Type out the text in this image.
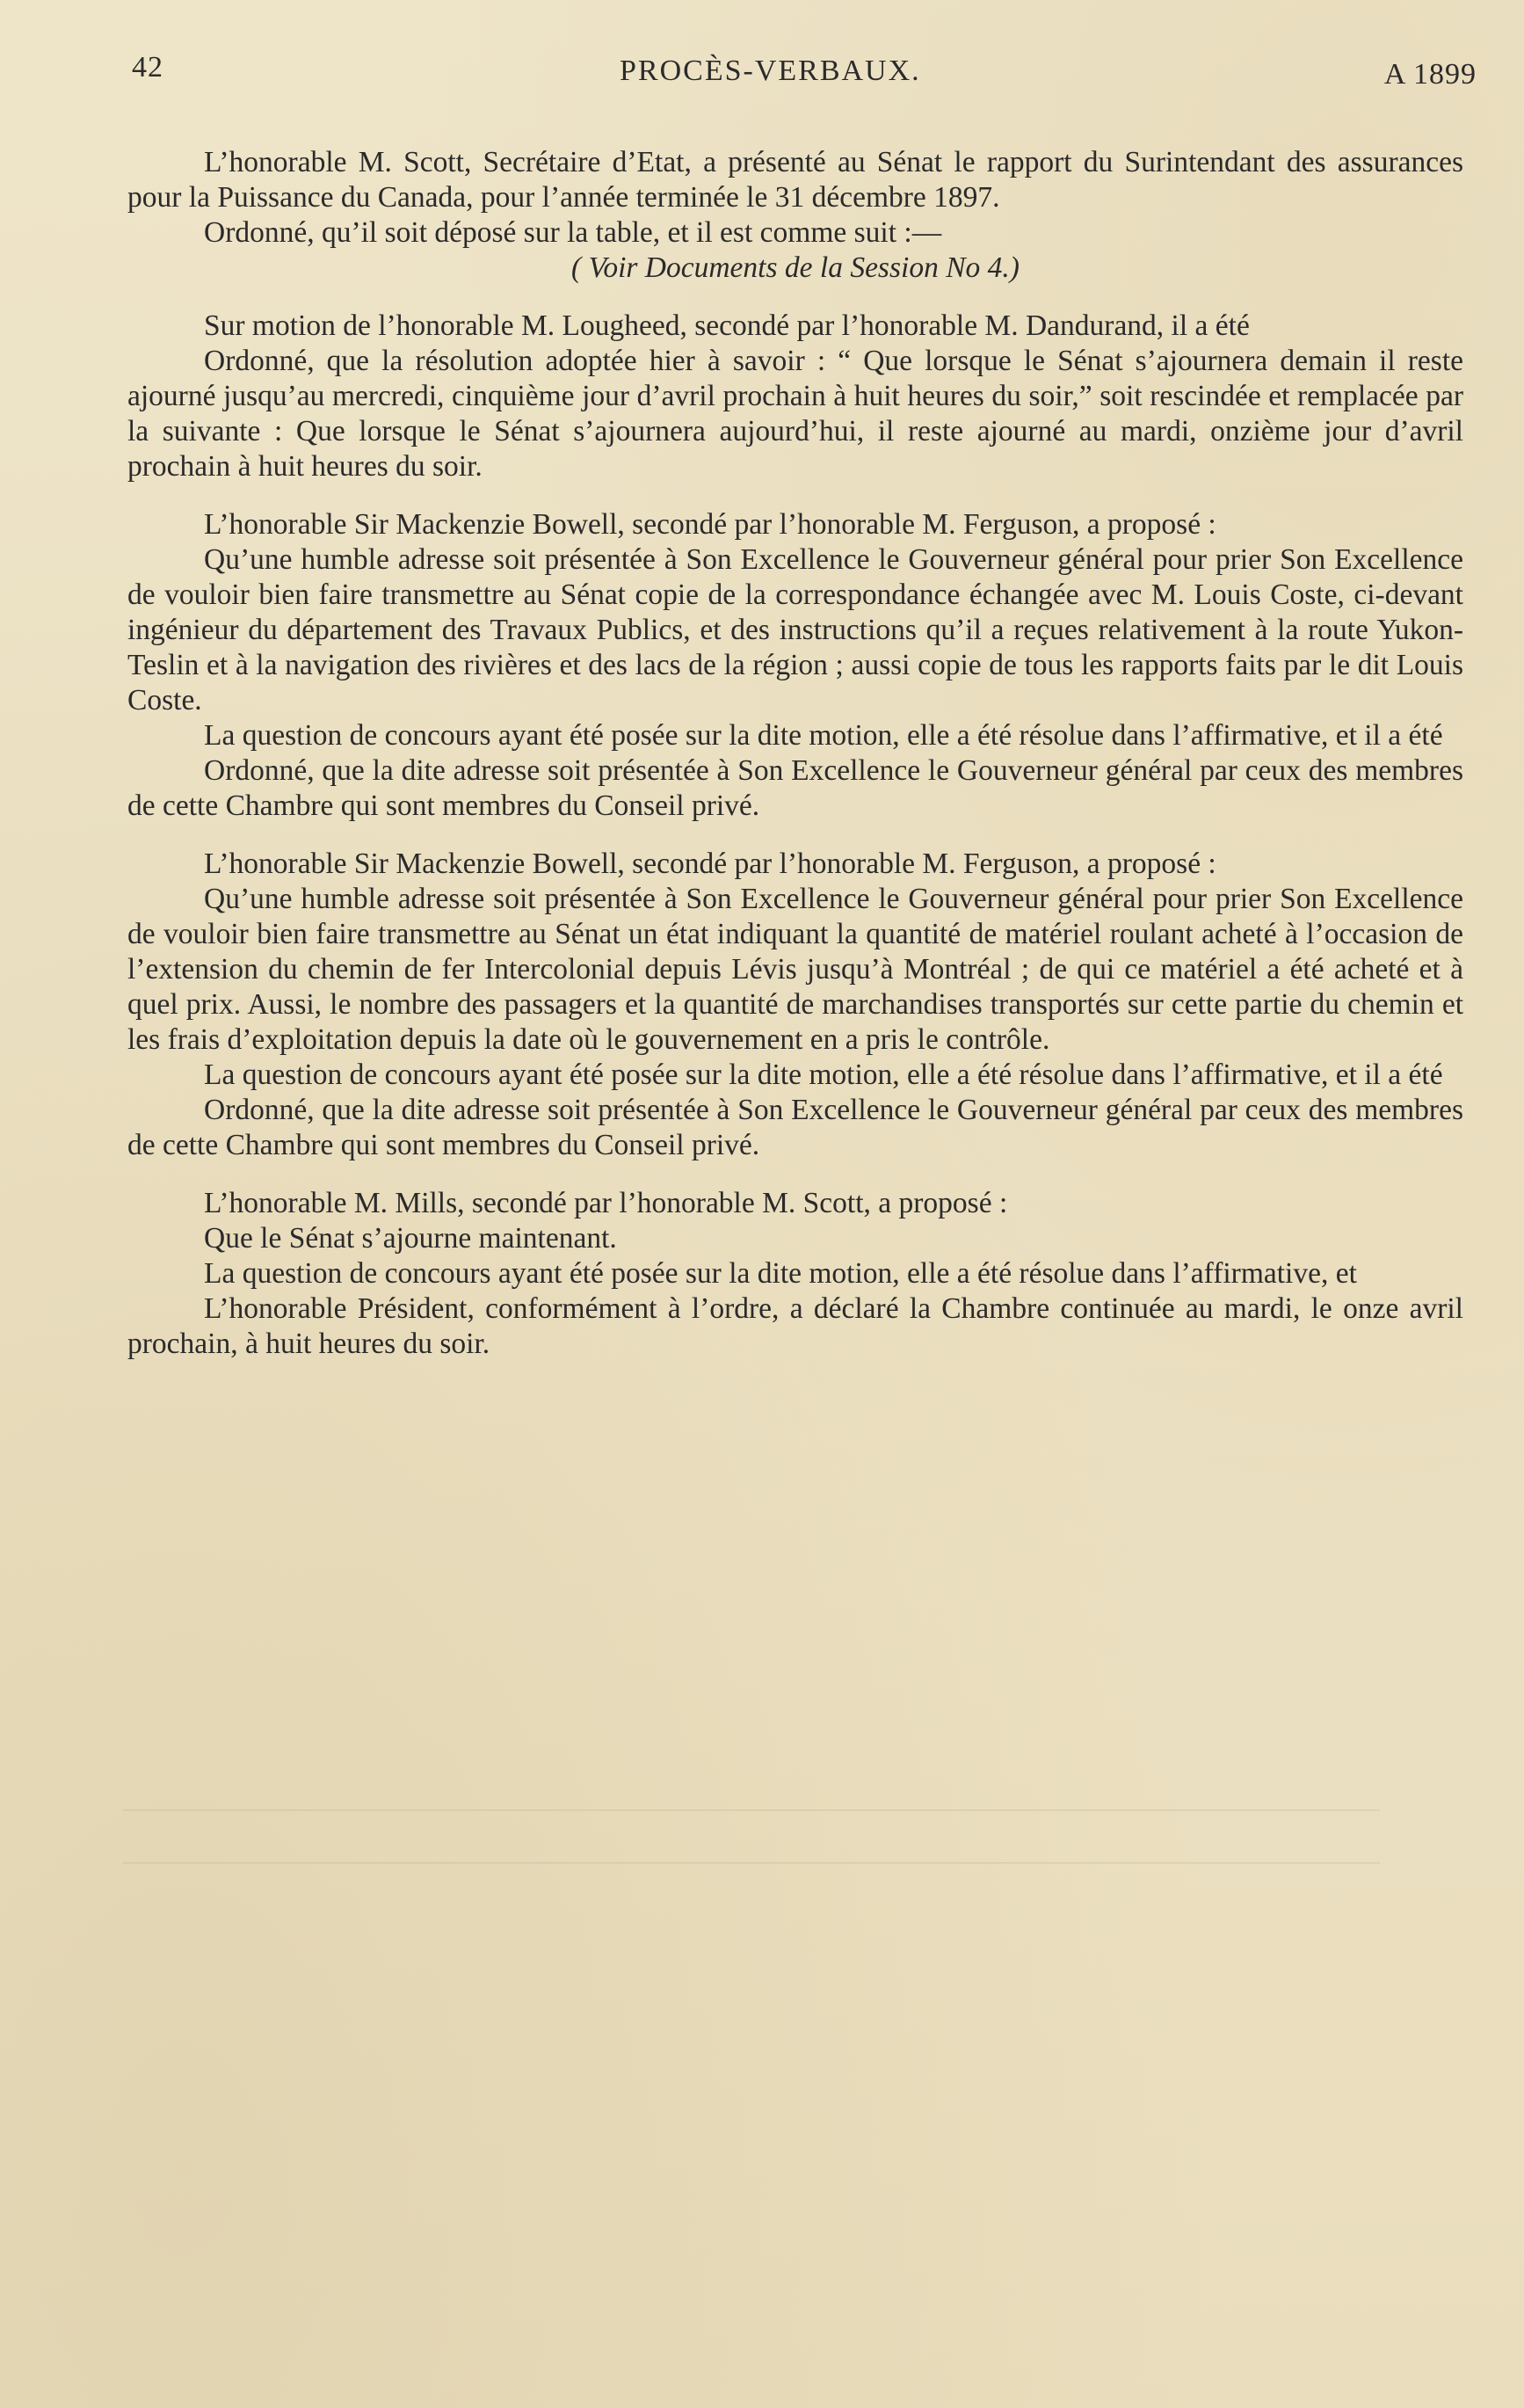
42	PROCÈS-VERBAUX.	A 1899

L’honorable M. Scott, Secrétaire d’Etat, a présenté au Sénat le rapport du Surintendant des assurances pour la Puissance du Canada, pour l’année terminée le 31 décembre 1897.

Ordonné, qu’il soit déposé sur la table, et il est comme suit :—

( Voir Documents de la Session No 4.)

Sur motion de l’honorable M. Lougheed, secondé par l’honorable M. Dandurand, il a été

Ordonné, que la résolution adoptée hier à savoir : “ Que lorsque le Sénat s’ajournera demain il reste ajourné jusqu’au mercredi, cinquième jour d’avril prochain à huit heures du soir,” soit rescindée et remplacée par la suivante : Que lorsque le Sénat s’ajournera aujourd’hui, il reste ajourné au mardi, onzième jour d’avril prochain à huit heures du soir.

L’honorable Sir Mackenzie Bowell, secondé par l’honorable M. Ferguson, a proposé :

Qu’une humble adresse soit présentée à Son Excellence le Gouverneur général pour prier Son Excellence de vouloir bien faire transmettre au Sénat copie de la correspondance échangée avec M. Louis Coste, ci-devant ingénieur du département des Travaux Publics, et des instructions qu’il a reçues relativement à la route Yukon-Teslin et à la navigation des rivières et des lacs de la région ; aussi copie de tous les rapports faits par le dit Louis Coste.

La question de concours ayant été posée sur la dite motion, elle a été résolue dans l’affirmative, et il a été

Ordonné, que la dite adresse soit présentée à Son Excellence le Gouverneur général par ceux des membres de cette Chambre qui sont membres du Conseil privé.

L’honorable Sir Mackenzie Bowell, secondé par l’honorable M. Ferguson, a proposé :

Qu’une humble adresse soit présentée à Son Excellence le Gouverneur général pour prier Son Excellence de vouloir bien faire transmettre au Sénat un état indiquant la quantité de matériel roulant acheté à l’occasion de l’extension du chemin de fer Intercolonial depuis Lévis jusqu’à Montréal ; de qui ce matériel a été acheté et à quel prix. Aussi, le nombre des passagers et la quantité de marchandises transportés sur cette partie du chemin et les frais d’exploitation depuis la date où le gouvernement en a pris le contrôle.

La question de concours ayant été posée sur la dite motion, elle a été résolue dans l’affirmative, et il a été

Ordonné, que la dite adresse soit présentée à Son Excellence le Gouverneur général par ceux des membres de cette Chambre qui sont membres du Conseil privé.

L’honorable M. Mills, secondé par l’honorable M. Scott, a proposé :

Que le Sénat s’ajourne maintenant.

La question de concours ayant été posée sur la dite motion, elle a été résolue dans l’affirmative, et

L’honorable Président, conformément à l’ordre, a déclaré la Chambre continuée au mardi, le onze avril prochain, à huit heures du soir.
